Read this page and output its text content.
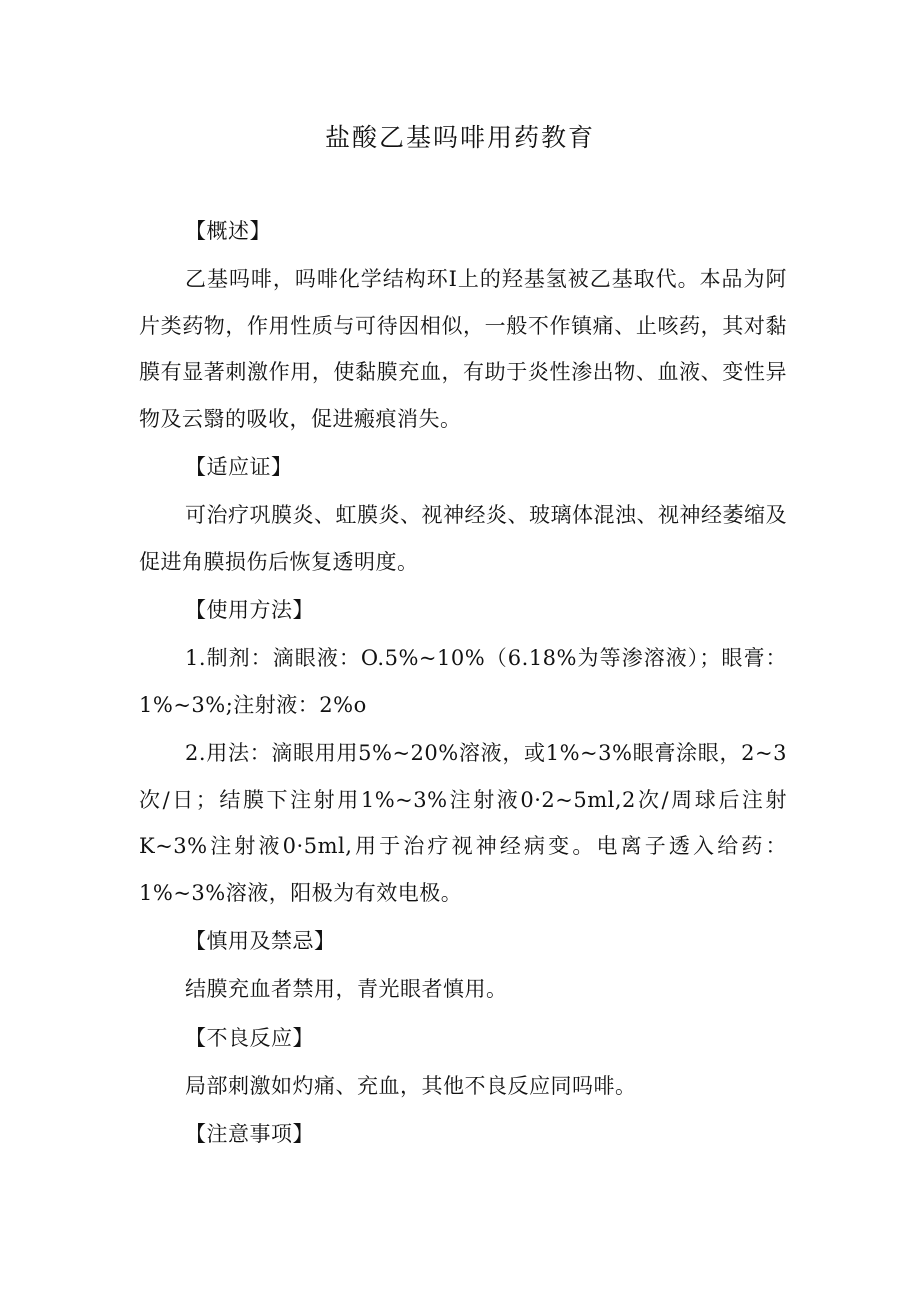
盐酸乙基吗啡用药教育
【概述】
乙基吗啡，吗啡化学结构环I上的羟基氢被乙基取代。本品为阿片类药物，作用性质与可待因相似，一般不作镇痛、止咳药，其对黏膜有显著刺激作用，使黏膜充血，有助于炎性渗出物、血液、变性异物及云翳的吸收，促进瘢痕消失。
【适应证】
可治疗巩膜炎、虹膜炎、视神经炎、玻璃体混浊、视神经萎缩及促进角膜损伤后恢复透明度。
【使用方法】
1.制剂：滴眼液：O.5%~10%（6.18%为等渗溶液）；眼膏：1%~3%;注射液：2%o
2.用法：滴眼用用5%~20%溶液，或1%~3%眼膏涂眼，2~3次/日；结膜下注射用1%~3%注射液0·2~5ml,2次/周球后注射K~3%注射液0·5ml,用于治疗视神经病变。电离子透入给药：1%~3%溶液，阳极为有效电极。
【慎用及禁忌】
结膜充血者禁用，青光眼者慎用。
【不良反应】
局部刺激如灼痛、充血，其他不良反应同吗啡。
【注意事项】
